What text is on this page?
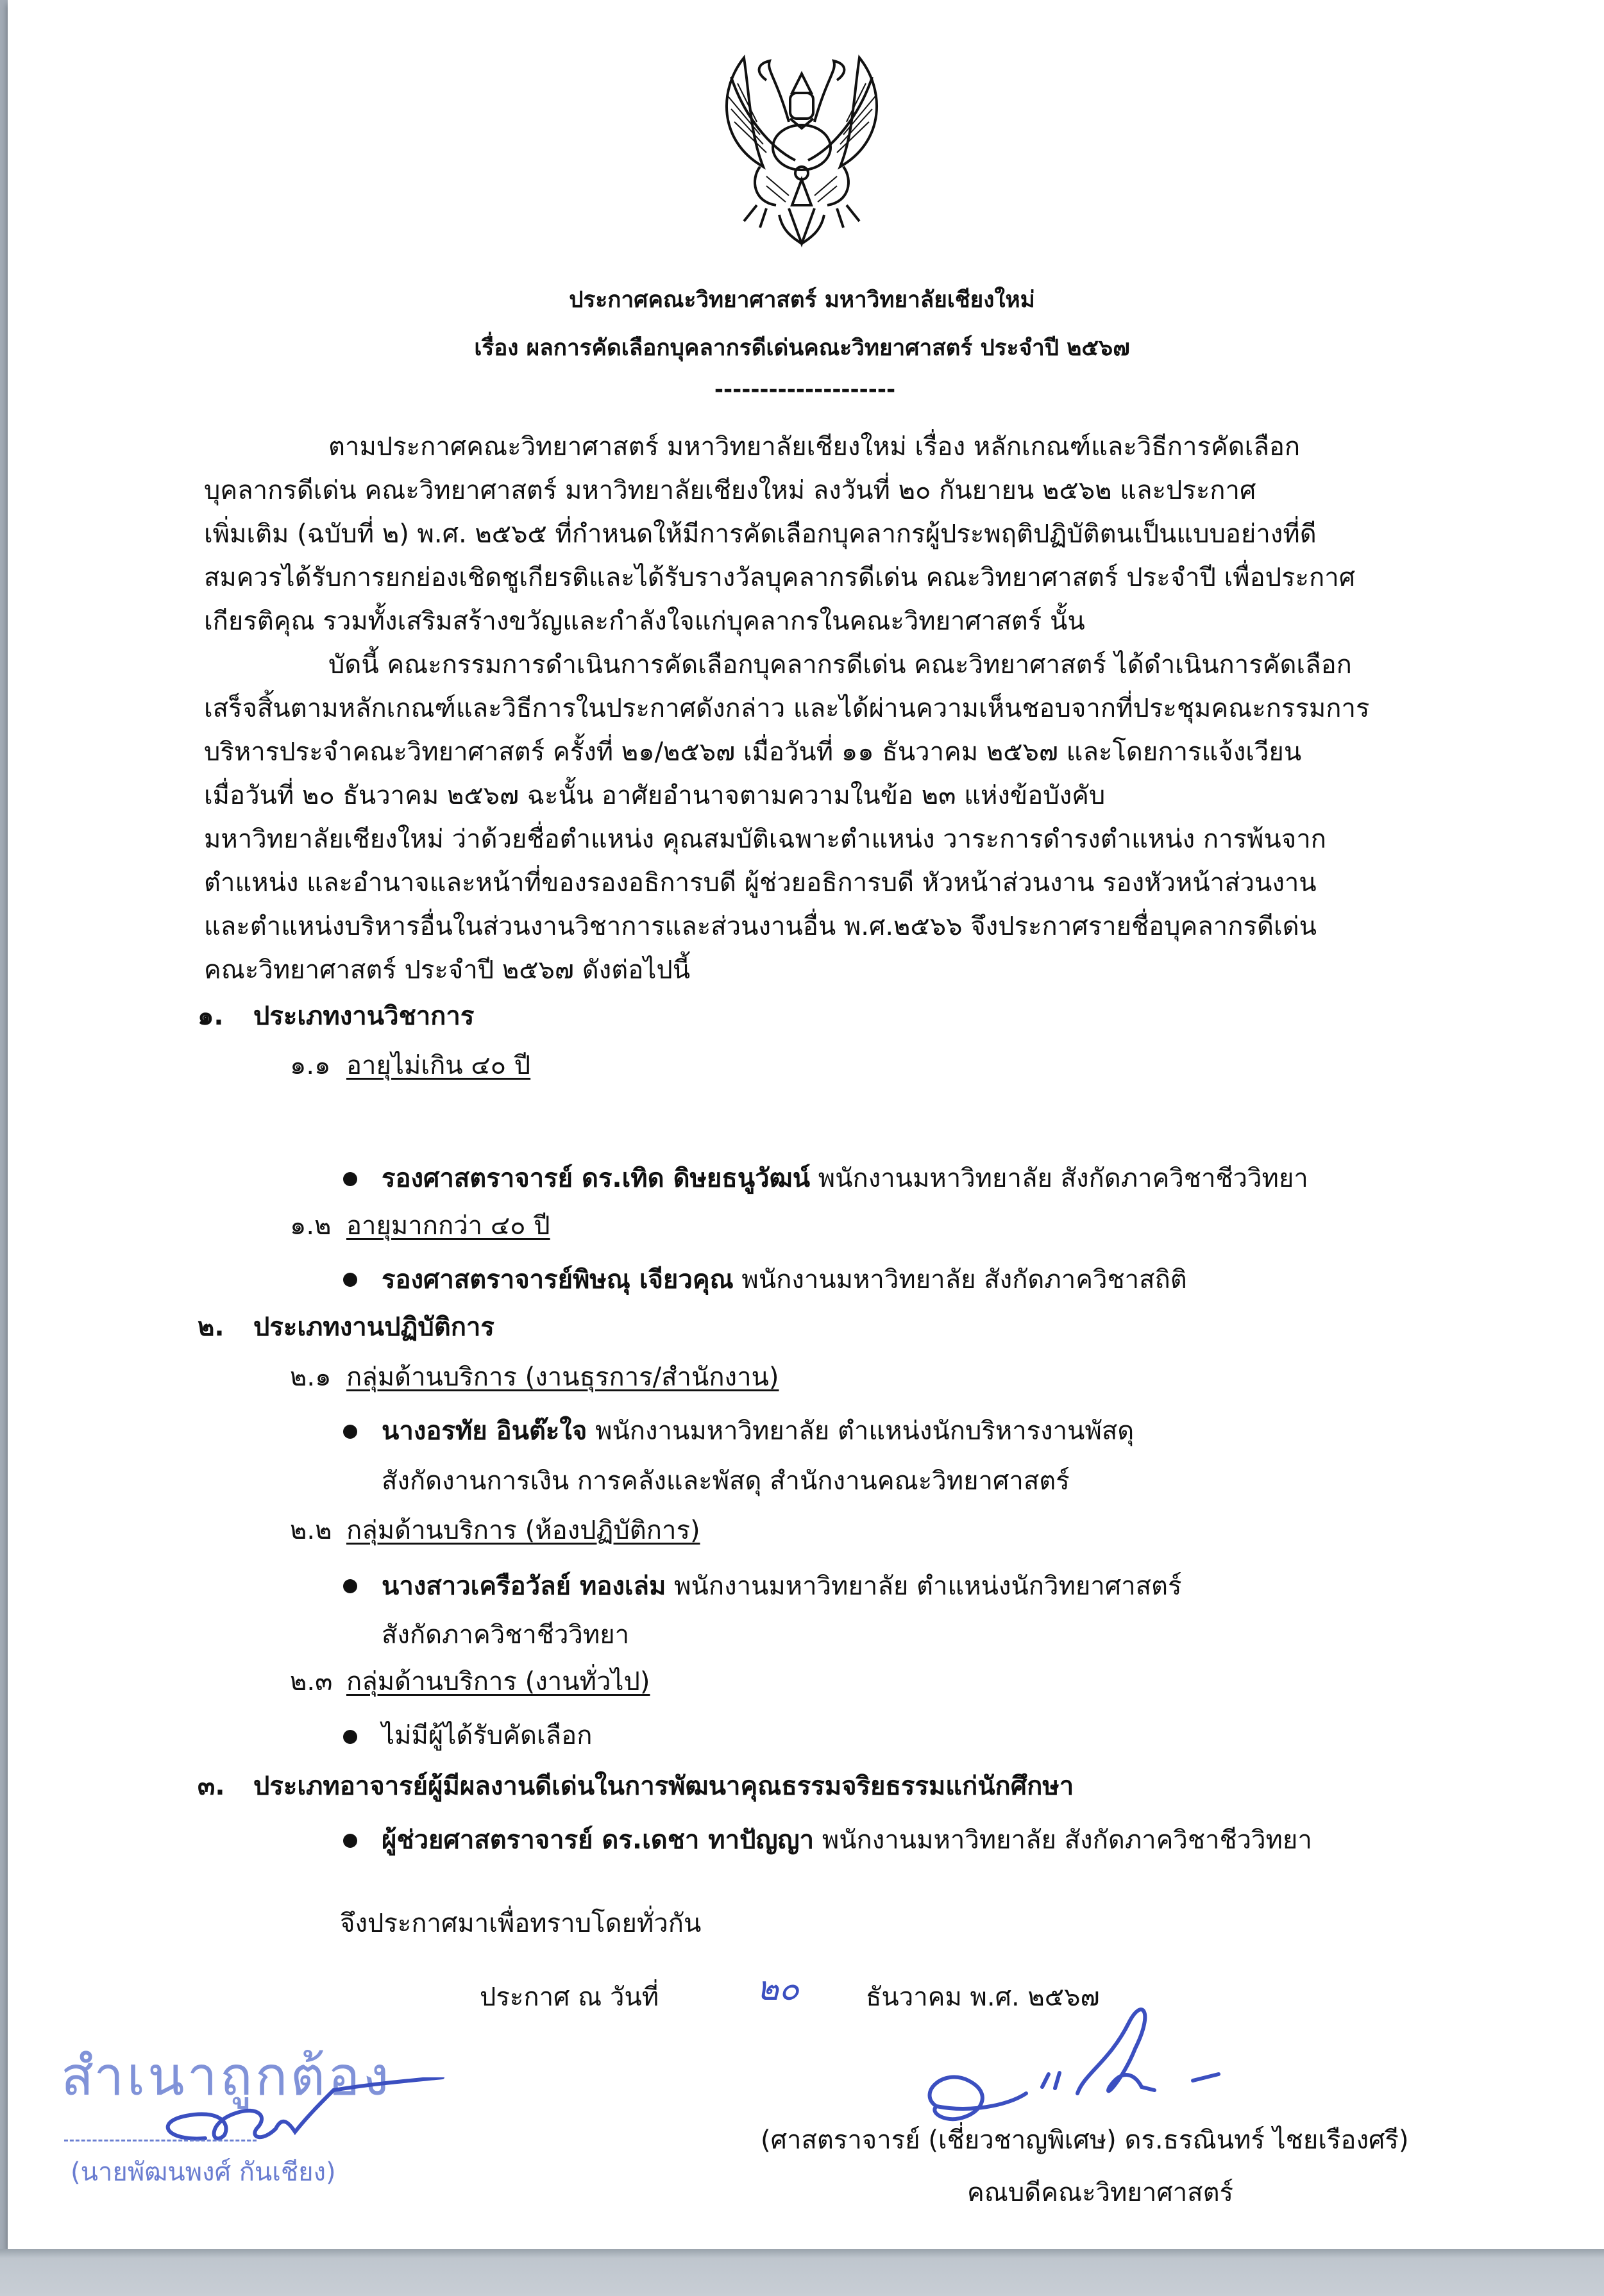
ประกาศคณะวิทยาศาสตร์ มหาวิทยาลัยเชียงใหม่
เรื่อง ผลการคัดเลือกบุคลากรดีเด่นคณะวิทยาศาสตร์ ประจำปี ๒๕๖๗
--------------------
ตามประกาศคณะวิทยาศาสตร์ มหาวิทยาลัยเชียงใหม่ เรื่อง หลักเกณฑ์และวิธีการคัดเลือก
บุคลากรดีเด่น คณะวิทยาศาสตร์ มหาวิทยาลัยเชียงใหม่ ลงวันที่ ๒๐ กันยายน ๒๕๖๒ และประกาศ
เพิ่มเติม (ฉบับที่ ๒) พ.ศ. ๒๕๖๕ ที่กำหนดให้มีการคัดเลือกบุคลากรผู้ประพฤติปฏิบัติตนเป็นแบบอย่างที่ดี
สมควรได้รับการยกย่องเชิดชูเกียรติและได้รับรางวัลบุคลากรดีเด่น คณะวิทยาศาสตร์ ประจำปี เพื่อประกาศ
เกียรติคุณ รวมทั้งเสริมสร้างขวัญและกำลังใจแก่บุคลากรในคณะวิทยาศาสตร์ นั้น
บัดนี้ คณะกรรมการดำเนินการคัดเลือกบุคลากรดีเด่น คณะวิทยาศาสตร์ ได้ดำเนินการคัดเลือก
เสร็จสิ้นตามหลักเกณฑ์และวิธีการในประกาศดังกล่าว และได้ผ่านความเห็นชอบจากที่ประชุมคณะกรรมการ
บริหารประจำคณะวิทยาศาสตร์ ครั้งที่ ๒๑/๒๕๖๗ เมื่อวันที่ ๑๑ ธันวาคม ๒๕๖๗ และโดยการแจ้งเวียน
เมื่อวันที่ ๒๐ ธันวาคม ๒๕๖๗ ฉะนั้น อาศัยอำนาจตามความในข้อ ๒๓ แห่งข้อบังคับ
มหาวิทยาลัยเชียงใหม่ ว่าด้วยชื่อตำแหน่ง คุณสมบัติเฉพาะตำแหน่ง วาระการดำรงตำแหน่ง การพ้นจาก
ตำแหน่ง และอำนาจและหน้าที่ของรองอธิการบดี ผู้ช่วยอธิการบดี หัวหน้าส่วนงาน รองหัวหน้าส่วนงาน
และตำแหน่งบริหารอื่นในส่วนงานวิชาการและส่วนงานอื่น พ.ศ.๒๕๖๖ จึงประกาศรายชื่อบุคลากรดีเด่น
คณะวิทยาศาสตร์ ประจำปี ๒๕๖๗ ดังต่อไปนี้
๑. ประเภทงานวิชาการ
๑.๑ อายุไม่เกิน ๔๐ ปี
รองศาสตราจารย์ ดร.เทิด ดิษยธนูวัฒน์ พนักงานมหาวิทยาลัย สังกัดภาควิชาชีววิทยา
๑.๒ อายุมากกว่า ๔๐ ปี
รองศาสตราจารย์พิษณุ เจียวคุณ พนักงานมหาวิทยาลัย สังกัดภาควิชาสถิติ
๒. ประเภทงานปฏิบัติการ
๒.๑ กลุ่มด้านบริการ (งานธุรการ/สำนักงาน)
นางอรทัย อินต๊ะใจ พนักงานมหาวิทยาลัย ตำแหน่งนักบริหารงานพัสดุ
สังกัดงานการเงิน การคลังและพัสดุ สำนักงานคณะวิทยาศาสตร์
๒.๒ กลุ่มด้านบริการ (ห้องปฏิบัติการ)
นางสาวเครือวัลย์ ทองเล่ม พนักงานมหาวิทยาลัย ตำแหน่งนักวิทยาศาสตร์
สังกัดภาควิชาชีววิทยา
๒.๓ กลุ่มด้านบริการ (งานทั่วไป)
ไม่มีผู้ได้รับคัดเลือก
๓. ประเภทอาจารย์ผู้มีผลงานดีเด่นในการพัฒนาคุณธรรมจริยธรรมแก่นักศึกษา
ผู้ช่วยศาสตราจารย์ ดร.เดชา ทาปัญญา พนักงานมหาวิทยาลัย สังกัดภาควิชาชีววิทยา
จึงประกาศมาเพื่อทราบโดยทั่วกัน
ประกาศ ณ วันที่	๒๐	ธันวาคม พ.ศ. ๒๕๖๗
(ศาสตราจารย์ (เชี่ยวชาญพิเศษ) ดร.ธรณินทร์ ไชยเรืองศรี)
คณบดีคณะวิทยาศาสตร์
สำเนาถูกต้อง
(นายพัฒนพงศ์ กันเชียง)
